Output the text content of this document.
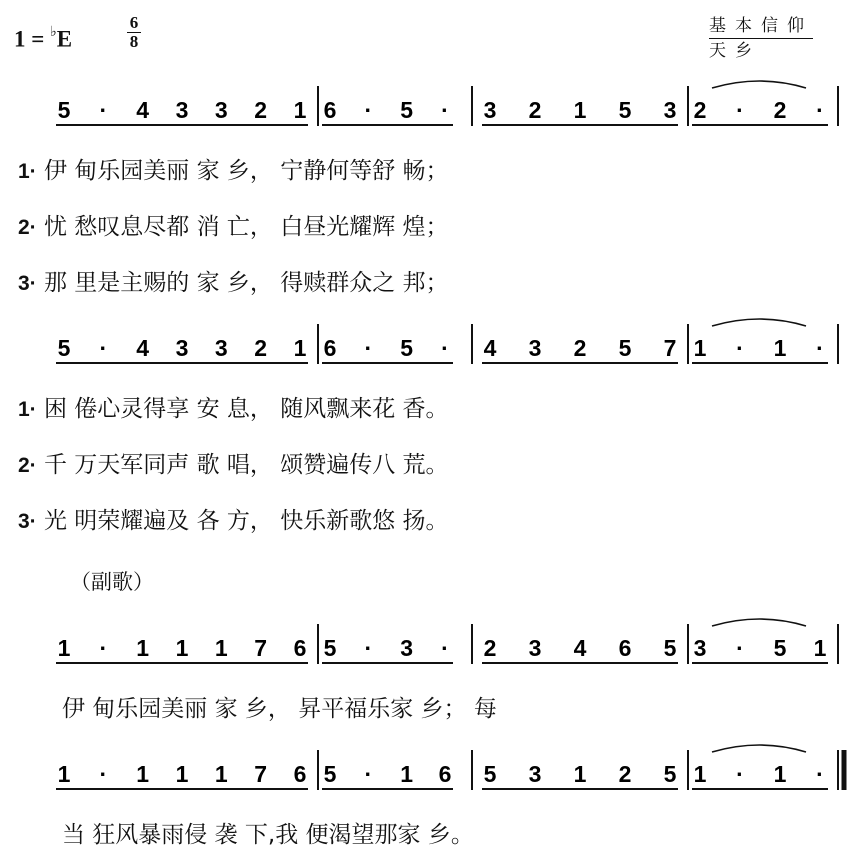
1 = ♭E
6
8
基本信仰
天乡
（副歌）
1· 伊 甸乐园美丽 家 乡， 宁静何等舒 畅；
2· 忧 愁叹息尽都 消 亡， 白昼光耀辉 煌；
3· 那 里是主赐的 家 乡， 得赎群众之 邦；
1· 困 倦心灵得享 安 息， 随风飘来花 香。
2· 千 万天军同声 歌 唱， 颂赞遍传八 荒。
3· 光 明荣耀遍及 各 方， 快乐新歌悠 扬。
伊 甸乐园美丽 家 乡， 昇平福乐家 乡； 每
当 狂风暴雨侵 袭 下,我 便渴望那家 乡。
5 · 4 3 3 2 1 6 · 5 · 3 2 1 5 3 2 · 2 ·
5 · 4 3 3 2 1 6 · 5 · 4 3 2 5 7 1 · 1 ·
1 · 1 1 1 7 6 5 · 3 · 2 3 4 6 5 3 · 5 1
1 · 1 1 1 7 6 5 · 1 6 5 3 1 2 5 1 · 1 ·
